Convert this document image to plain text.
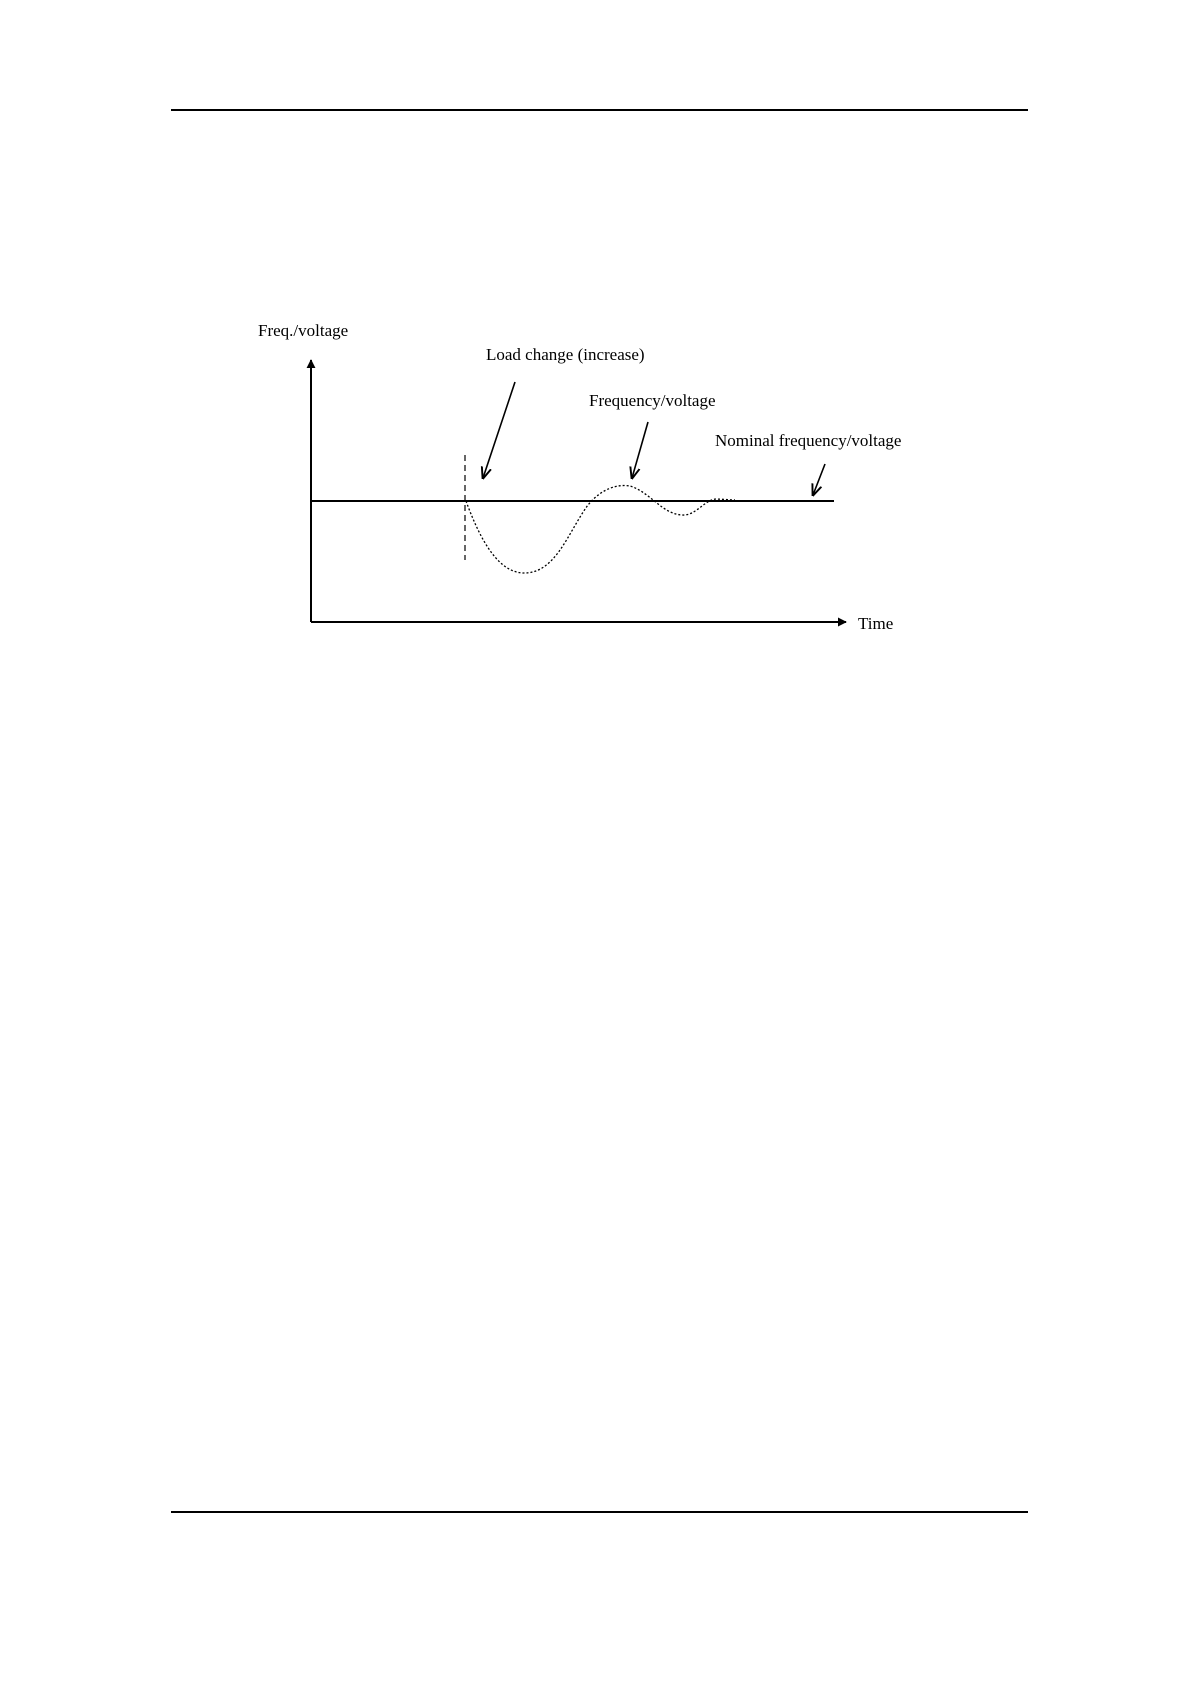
Freq./voltage
Load change (increase)
Frequency/voltage
Nominal frequency/voltage
Time
